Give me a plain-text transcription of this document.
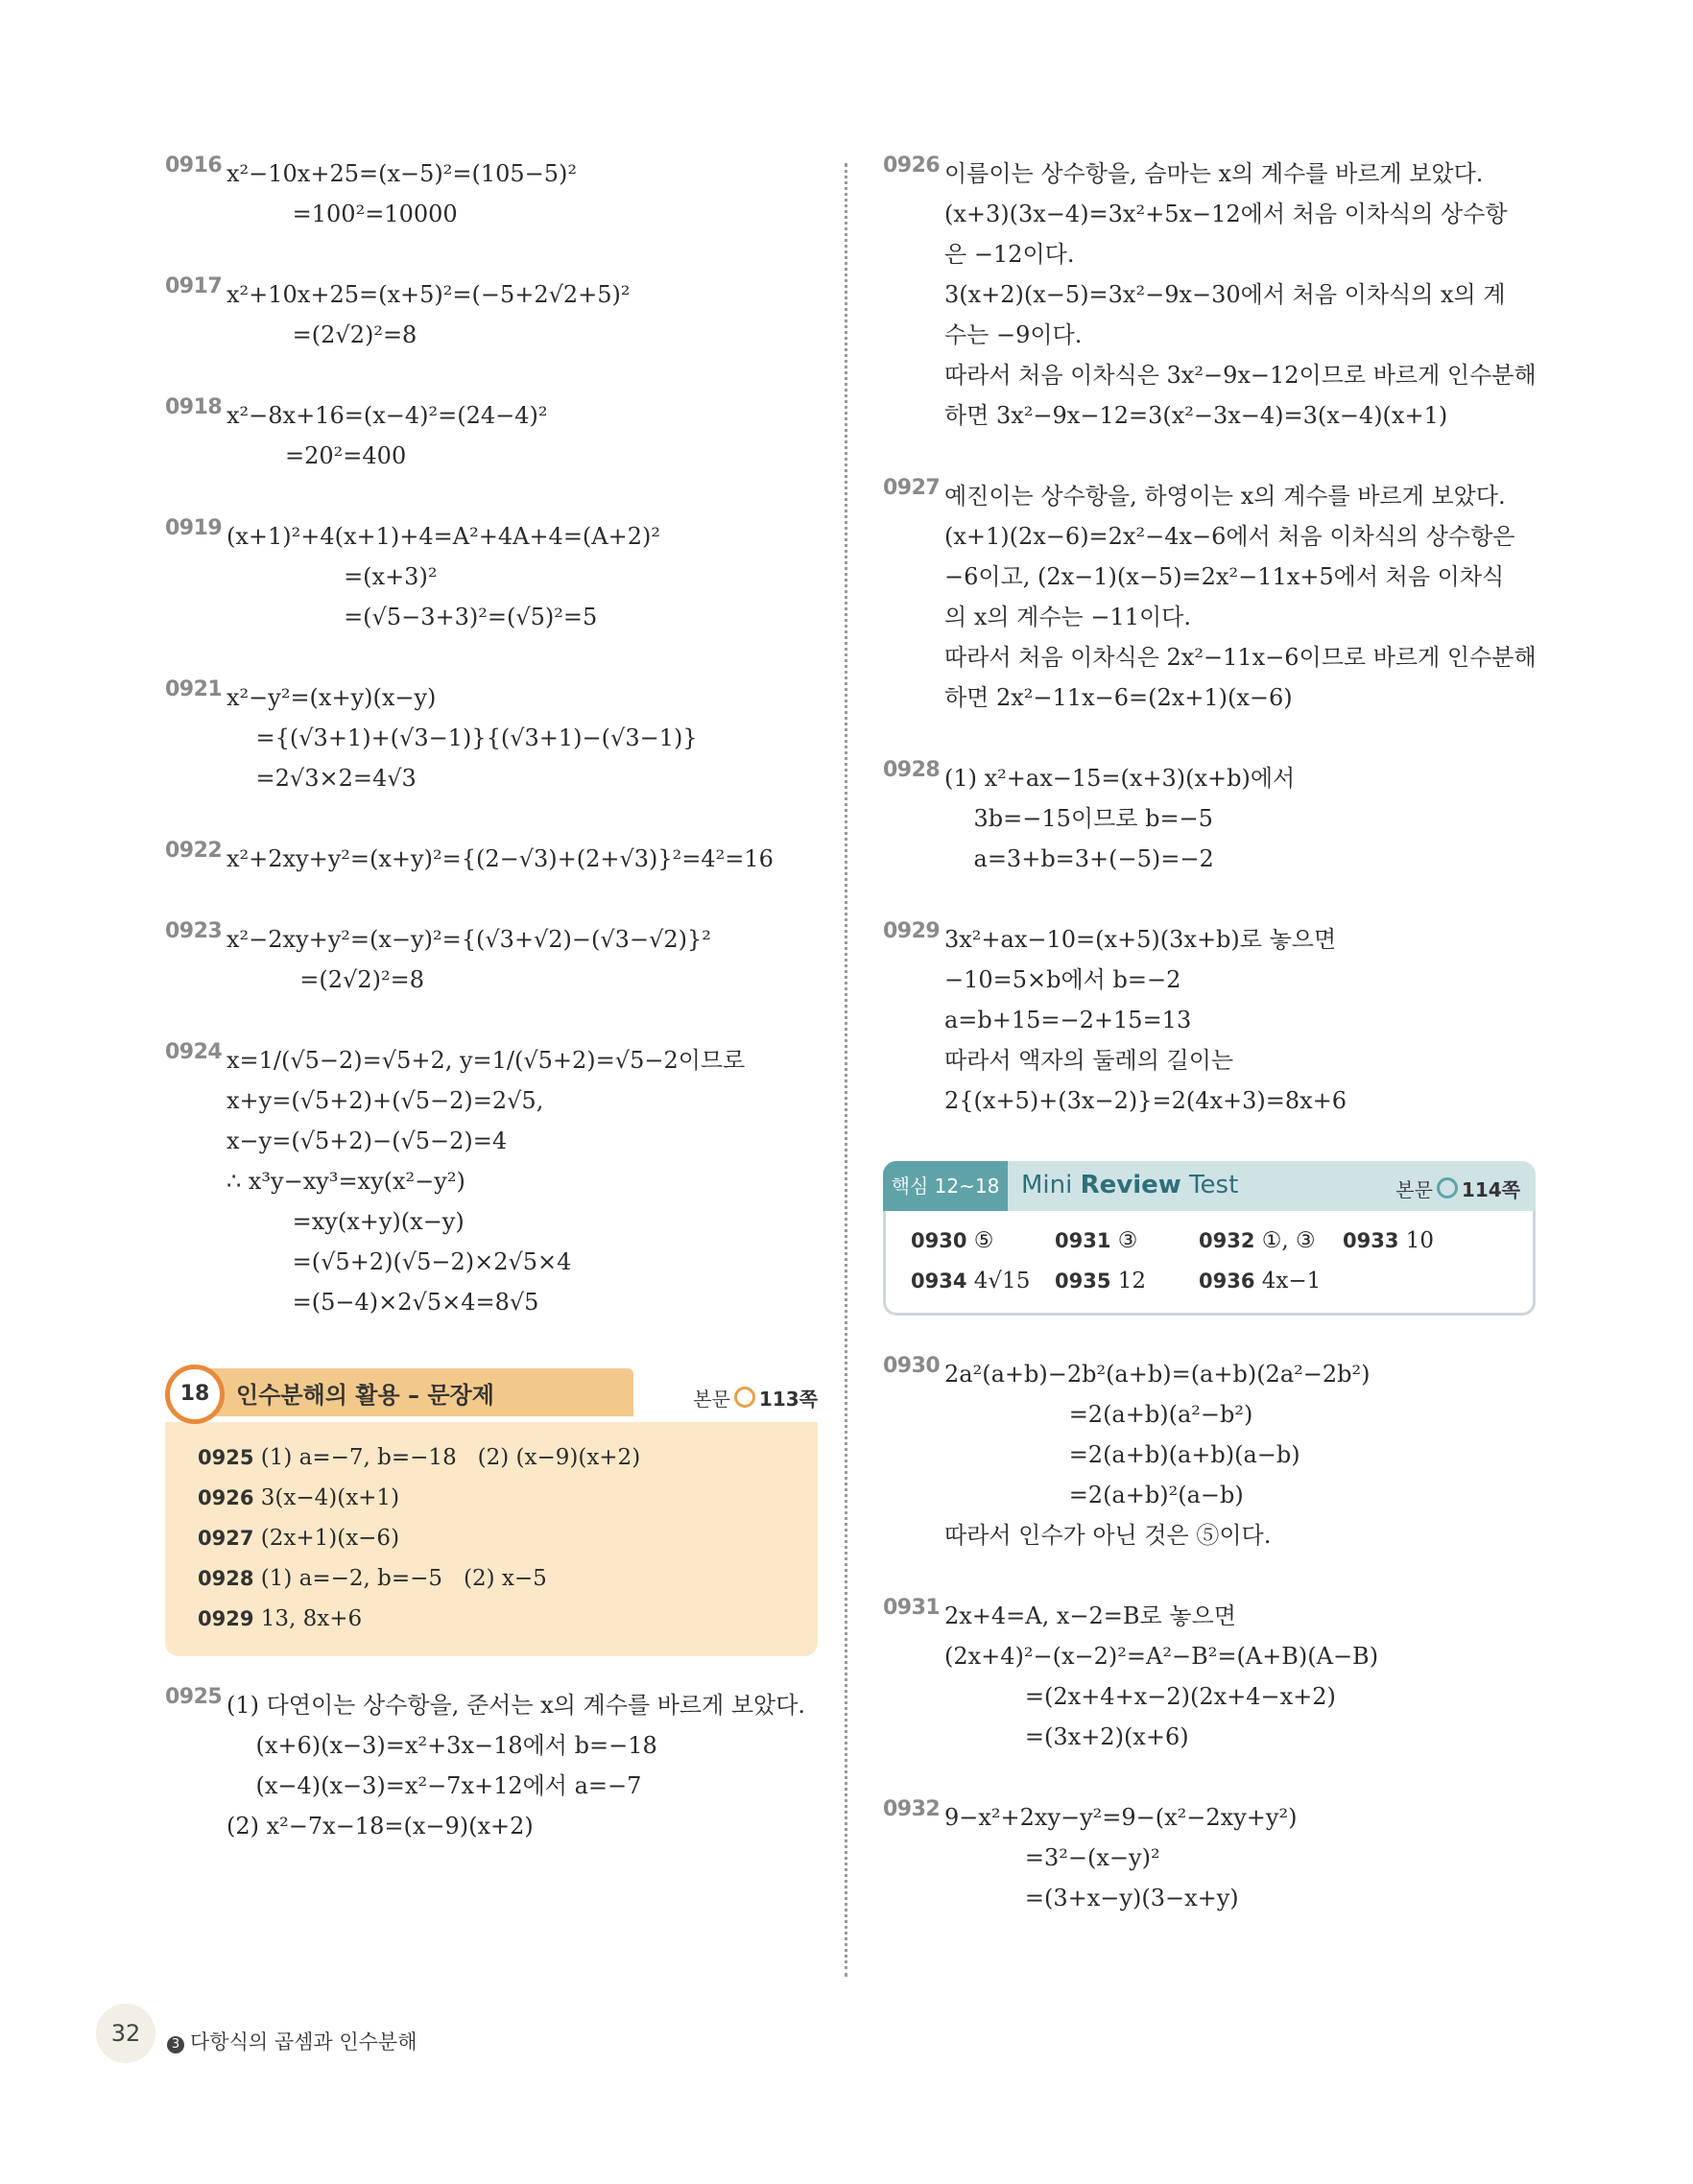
0916 x²−10x+25=(x−5)²=(105−5)²
=100²=10000
0917 x²+10x+25=(x+5)²=(−5+2√2+5)²
=(2√2)²=8
0918 x²−8x+16=(x−4)²=(24−4)²
=20²=400
0919 (x+1)²+4(x+1)+4=A²+4A+4=(A+2)²
=(x+3)²
=(√5−3+3)²=(√5)²=5
0921 x²−y²=(x+y)(x−y)
={(√3+1)+(√3−1)}{(√3+1)−(√3−1)}
=2√3×2=4√3
0922 x²+2xy+y²=(x+y)²={(2−√3)+(2+√3)}²=4²=16
0923 x²−2xy+y²=(x−y)²={(√3+√2)−(√3−√2)}²
=(2√2)²=8
0924 x=1/(√5−2)=√5+2, y=1/(√5+2)=√5−2이므로
x+y=(√5+2)+(√5−2)=2√5,
x−y=(√5+2)−(√5−2)=4
∴ x³y−xy³=xy(x²−y²)
=xy(x+y)(x−y)
=(√5+2)(√5−2)×2√5×4
=(5−4)×2√5×4=8√5
18	인수분해의 활용 – 문장제	본문 113쪽
0925 (1) a=−7, b=−18   (2) (x−9)(x+2)
0926 3(x−4)(x+1)
0927 (2x+1)(x−6)
0928 (1) a=−2, b=−5   (2) x−5
0929 13, 8x+6
0925 (1) 다연이는 상수항을, 준서는 x의 계수를 바르게 보았다.
(x+6)(x−3)=x²+3x−18에서 b=−18
(x−4)(x−3)=x²−7x+12에서 a=−7
(2) x²−7x−18=(x−9)(x+2)
0926 이름이는 상수항을, 슴마는 x의 계수를 바르게 보았다.
(x+3)(3x−4)=3x²+5x−12에서 처음 이차식의 상수항
은 −12이다.
3(x+2)(x−5)=3x²−9x−30에서 처음 이차식의 x의 계
수는 −9이다.
따라서 처음 이차식은 3x²−9x−12이므로 바르게 인수분해
하면 3x²−9x−12=3(x²−3x−4)=3(x−4)(x+1)
0927 예진이는 상수항을, 하영이는 x의 계수를 바르게 보았다.
(x+1)(2x−6)=2x²−4x−6에서 처음 이차식의 상수항은
−6이고, (2x−1)(x−5)=2x²−11x+5에서 처음 이차식
의 x의 계수는 −11이다.
따라서 처음 이차식은 2x²−11x−6이므로 바르게 인수분해
하면 2x²−11x−6=(2x+1)(x−6)
0928 (1) x²+ax−15=(x+3)(x+b)에서
3b=−15이므로 b=−5
a=3+b=3+(−5)=−2
0929 3x²+ax−10=(x+5)(3x+b)로 놓으면
−10=5×b에서 b=−2
a=b+15=−2+15=13
따라서 액자의 둘레의 길이는
2{(x+5)+(3x−2)}=2(4x+3)=8x+6
핵심 12~18 Mini Review Test	본문 114쪽
0930 ⑤	0931 ③	0932 ①, ③	0933 10
0934 4√15	0935 12	0936 4x−1
0930 2a²(a+b)−2b²(a+b)=(a+b)(2a²−2b²)
=2(a+b)(a²−b²)
=2(a+b)(a+b)(a−b)
=2(a+b)²(a−b)
따라서 인수가 아닌 것은 ⑤이다.
0931 2x+4=A, x−2=B로 놓으면
(2x+4)²−(x−2)²=A²−B²=(A+B)(A−B)
=(2x+4+x−2)(2x+4−x+2)
=(3x+2)(x+6)
0932 9−x²+2xy−y²=9−(x²−2xy+y²)
=3²−(x−y)²
=(3+x−y)(3−x+y)
32	3 다항식의 곱셈과 인수분해
